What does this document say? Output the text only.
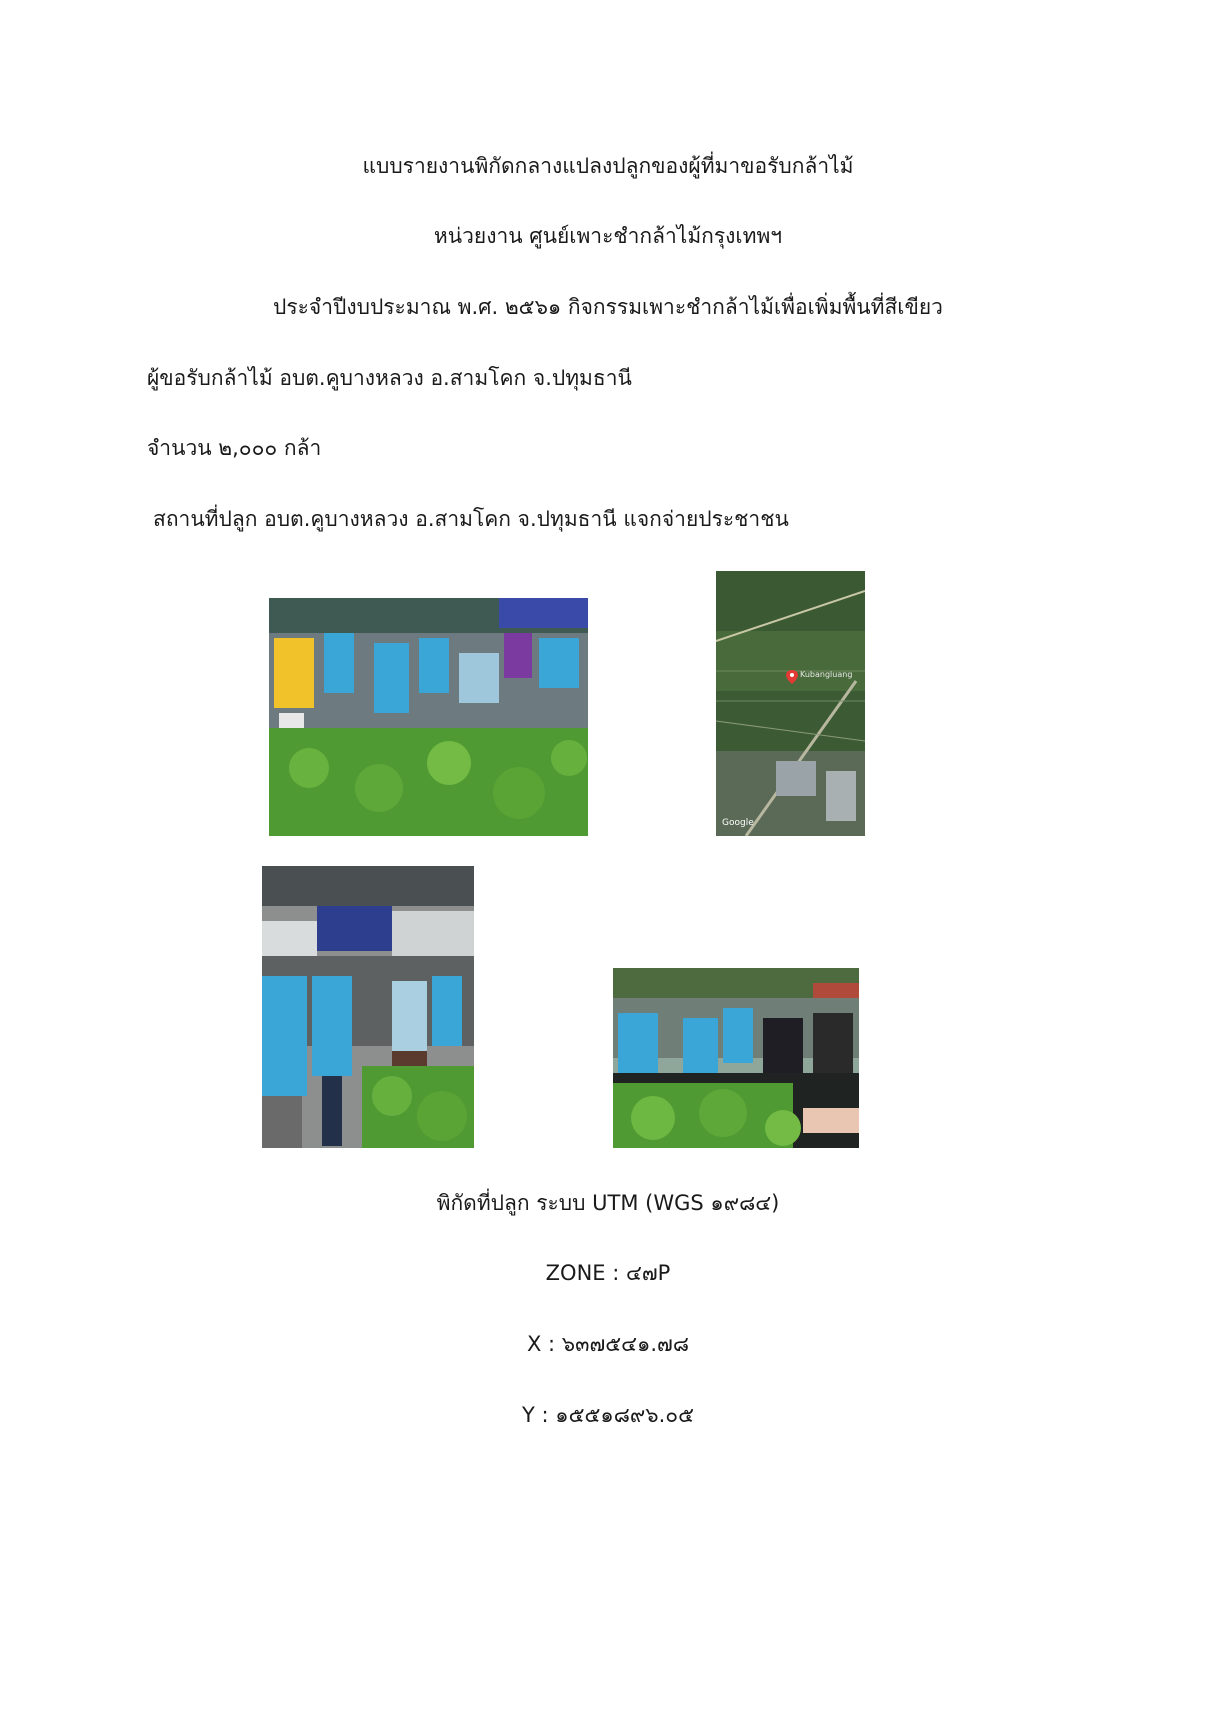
แบบรายงานพิกัดกลางแปลงปลูกของผู้ที่มาขอรับกล้าไม้
หน่วยงาน ศูนย์เพาะชำกล้าไม้กรุงเทพฯ
ประจำปีงบประมาณ พ.ศ. ๒๕๖๑ กิจกรรมเพาะชำกล้าไม้เพื่อเพิ่มพื้นที่สีเขียว
ผู้ขอรับกล้าไม้ อบต.คูบางหลวง อ.สามโคก จ.ปทุมธานี
จำนวน ๒,๐๐๐ กล้า
สถานที่ปลูก อบต.คูบางหลวง อ.สามโคก จ.ปทุมธานี แจกจ่ายประชาชน
Kubangluang
Google
พิกัดที่ปลูก ระบบ UTM (WGS ๑๙๘๔)
ZONE : ๔๗P
X : ๖๓๗๕๔๑.๗๘
Y : ๑๕๕๑๘๙๖.๐๕
